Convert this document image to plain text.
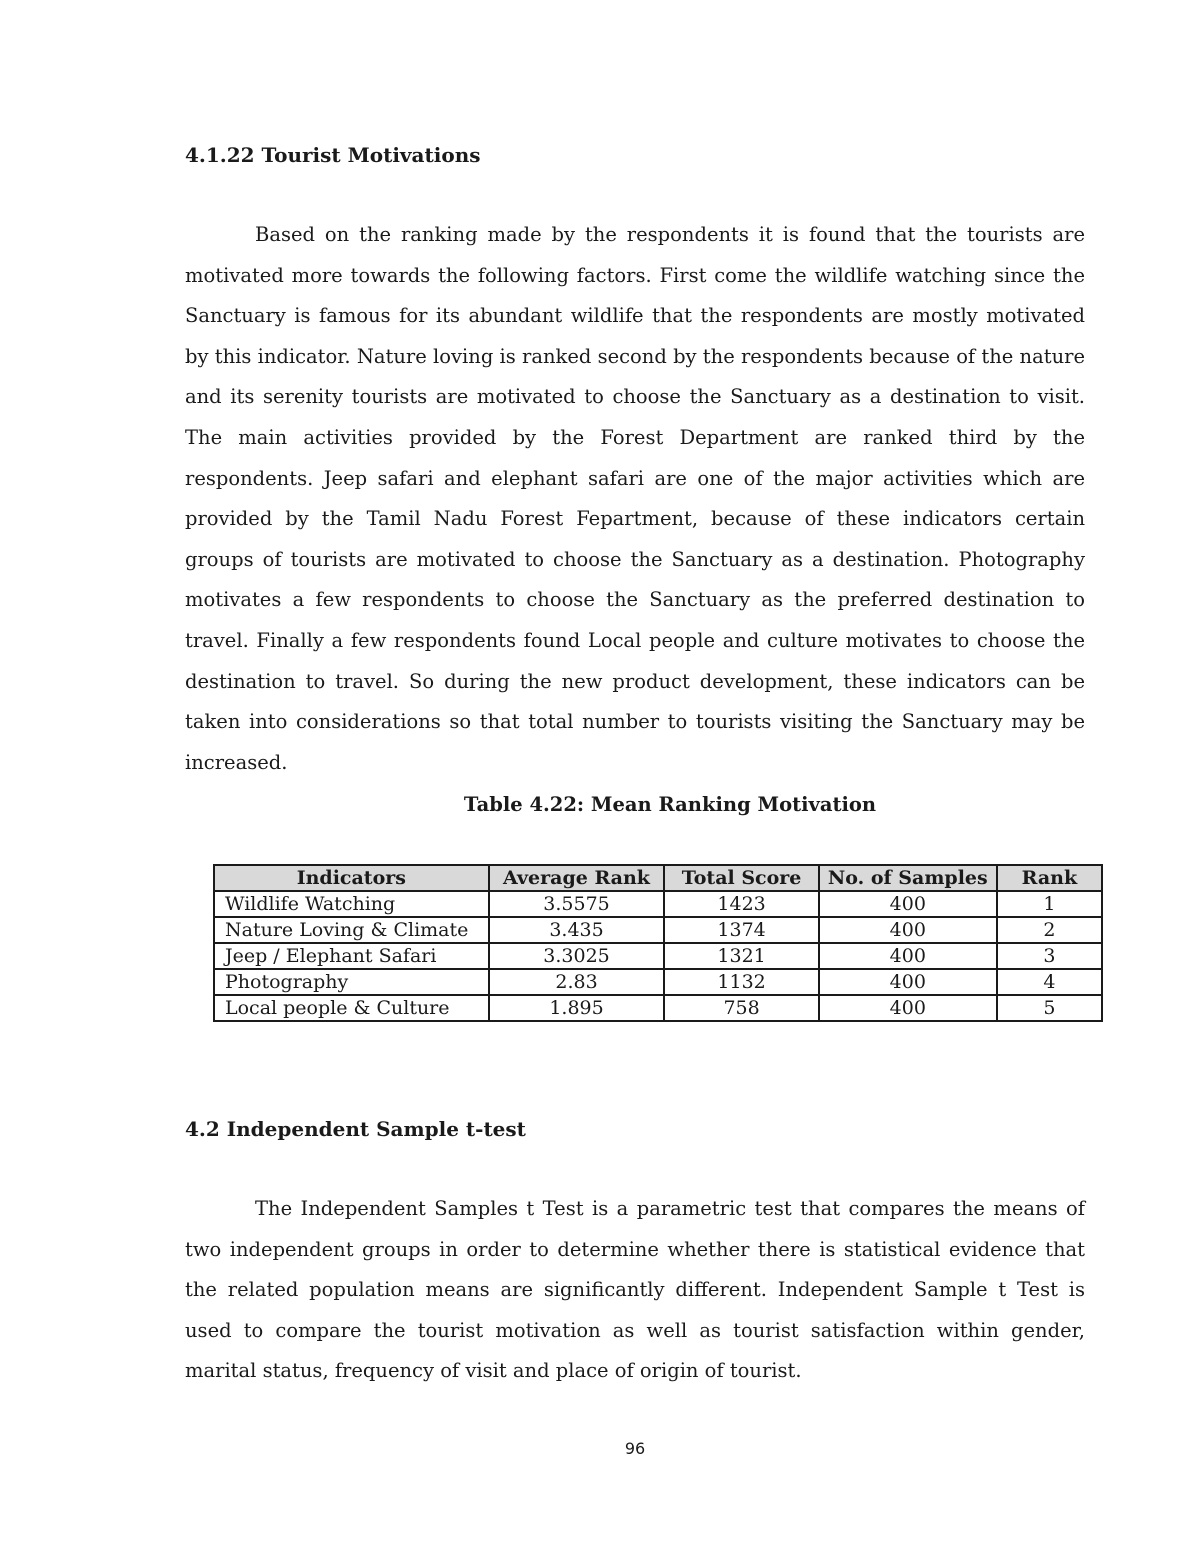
4.1.22 Tourist Motivations

Based on the ranking made by the respondents it is found that the tourists are motivated more towards the following factors. First come the wildlife watching since the Sanctuary is famous for its abundant wildlife that the respondents are mostly motivated by this indicator. Nature loving is ranked second by the respondents because of the nature and its serenity tourists are motivated to choose the Sanctuary as a destination to visit. The main activities provided by the Forest Department are ranked third by the respondents. Jeep safari and elephant safari are one of the major activities which are provided by the Tamil Nadu Forest Fepartment, because of these indicators certain groups of tourists are motivated to choose the Sanctuary as a destination. Photography motivates a few respondents to choose the Sanctuary as the preferred destination to travel. Finally a few respondents found Local people and culture motivates to choose the destination to travel. So during the new product development, these indicators can be taken into considerations so that total number to tourists visiting the Sanctuary may be increased.

Table 4.22: Mean Ranking Motivation

Indicators	Average Rank	Total Score	No. of Samples	Rank
Wildlife Watching	3.5575	1423	400	1
Nature Loving & Climate	3.435	1374	400	2
Jeep / Elephant Safari	3.3025	1321	400	3
Photography	2.83	1132	400	4
Local people & Culture	1.895	758	400	5
4.2 Independent Sample t-test

The Independent Samples t Test is a parametric test that compares the means of two independent groups in order to determine whether there is statistical evidence that the related population means are significantly different. Independent Sample t Test is used to compare the tourist motivation as well as tourist satisfaction within gender, marital status, frequency of visit and place of origin of tourist.

96
